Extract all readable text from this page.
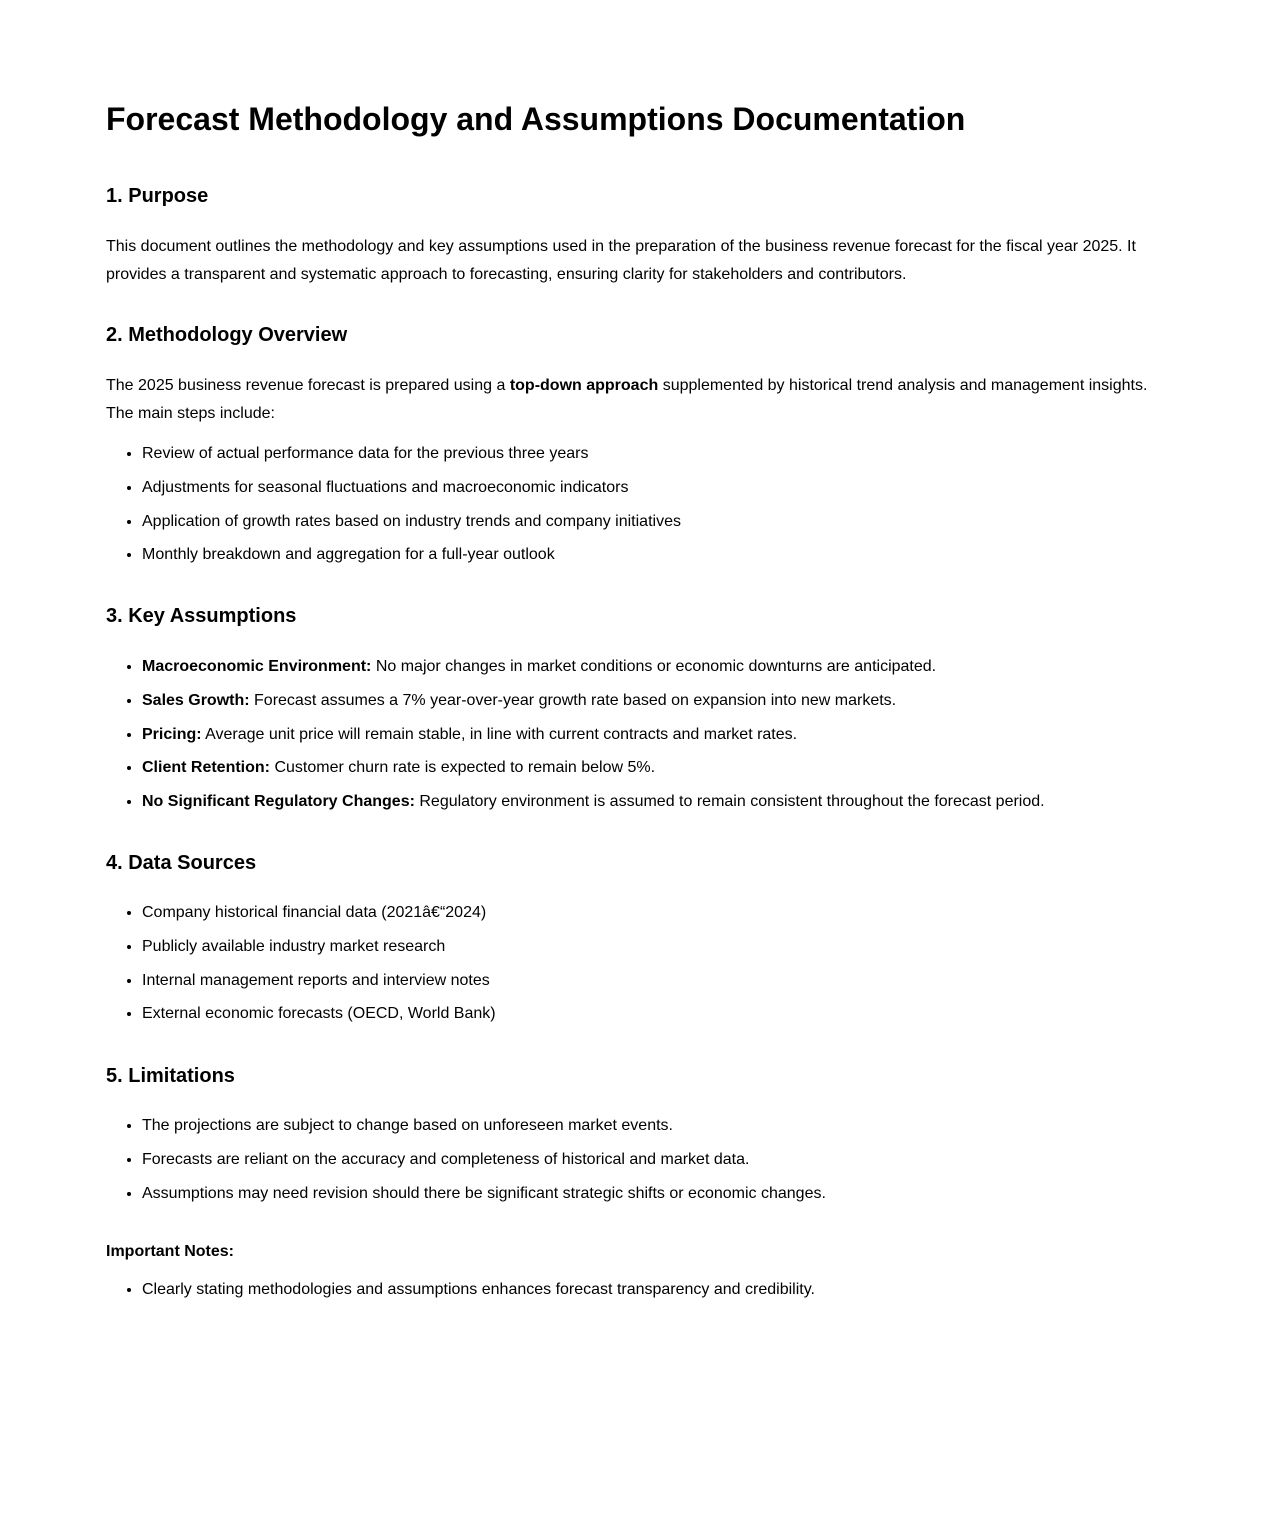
Forecast Methodology and Assumptions Documentation
1. Purpose

This document outlines the methodology and key assumptions used in the preparation of the business revenue forecast for the fiscal year 2025. It provides a transparent and systematic approach to forecasting, ensuring clarity for stakeholders and contributors.

2. Methodology Overview

The 2025 business revenue forecast is prepared using a top-down approach supplemented by historical trend analysis and management insights. The main steps include:

• Review of actual performance data for the previous three years
• Adjustments for seasonal fluctuations and macroeconomic indicators
• Application of growth rates based on industry trends and company initiatives
• Monthly breakdown and aggregation for a full-year outlook
3. Key Assumptions
• Macroeconomic Environment: No major changes in market conditions or economic downturns are anticipated.
• Sales Growth: Forecast assumes a 7% year-over-year growth rate based on expansion into new markets.
• Pricing: Average unit price will remain stable, in line with current contracts and market rates.
• Client Retention: Customer churn rate is expected to remain below 5%.
• No Significant Regulatory Changes: Regulatory environment is assumed to remain consistent throughout the forecast period.
4. Data Sources
• Company historical financial data (2021â€“2024)
• Publicly available industry market research
• Internal management reports and interview notes
• External economic forecasts (OECD, World Bank)
5. Limitations
• The projections are subject to change based on unforeseen market events.
• Forecasts are reliant on the accuracy and completeness of historical and market data.
• Assumptions may need revision should there be significant strategic shifts or economic changes.
Important Notes:
• Clearly stating methodologies and assumptions enhances forecast transparency and credibility.
